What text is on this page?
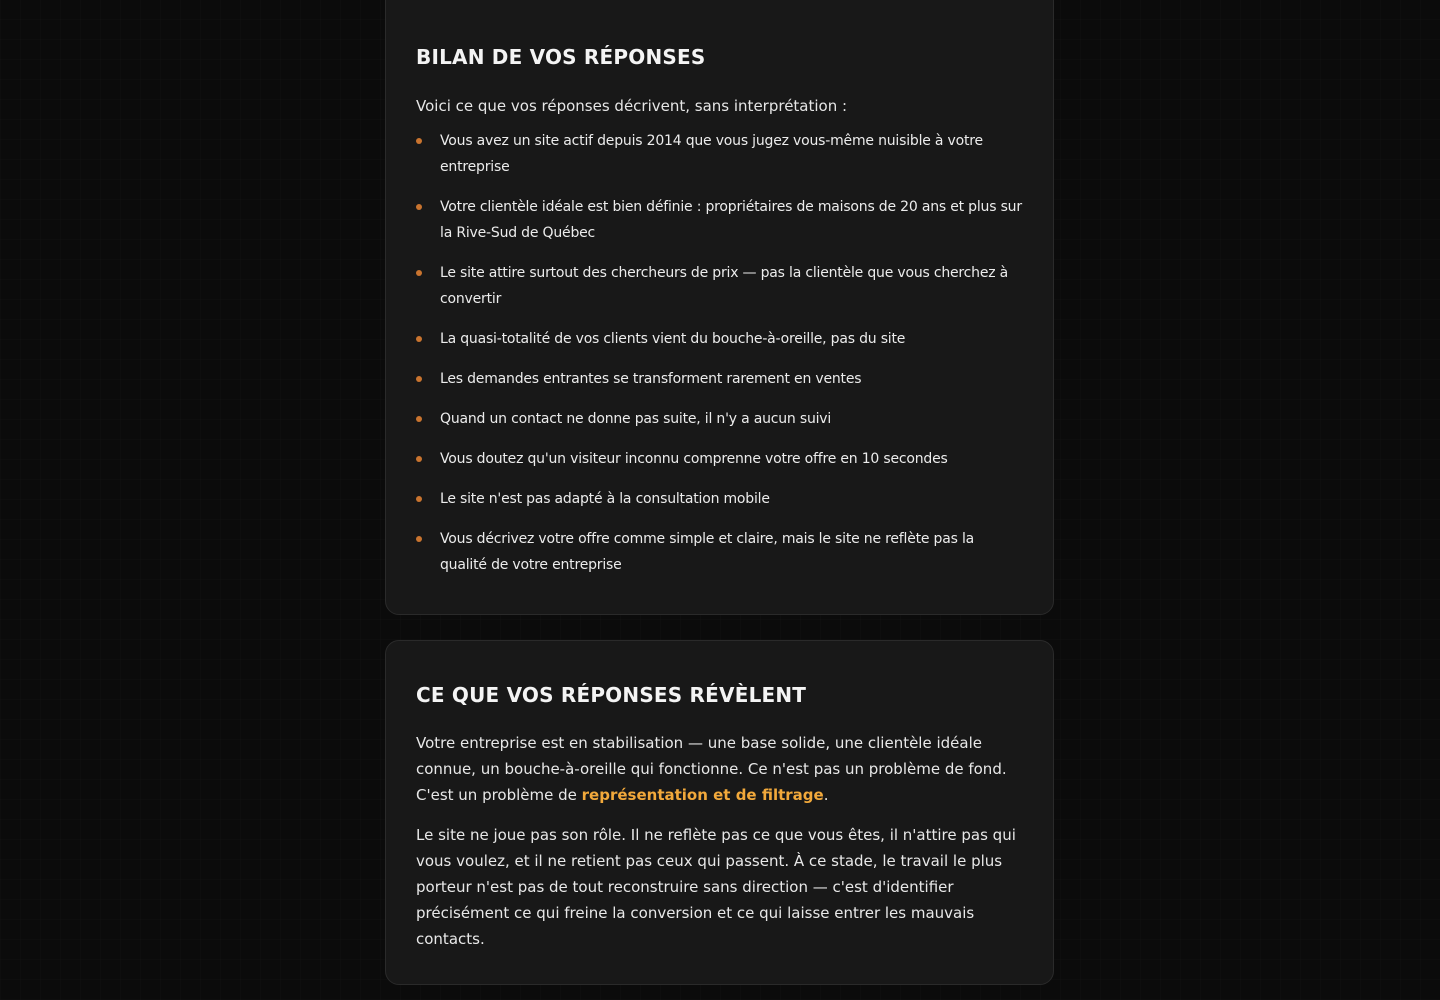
BILAN DE VOS RÉPONSES

Voici ce que vos réponses décrivent, sans interprétation :

Vous avez un site actif depuis 2014 que vous jugez vous-même nuisible à votre entreprise
Votre clientèle idéale est bien définie : propriétaires de maisons de 20 ans et plus sur la Rive-Sud de Québec
Le site attire surtout des chercheurs de prix — pas la clientèle que vous cherchez à convertir
La quasi-totalité de vos clients vient du bouche-à-oreille, pas du site
Les demandes entrantes se transforment rarement en ventes
Quand un contact ne donne pas suite, il n'y a aucun suivi
Vous doutez qu'un visiteur inconnu comprenne votre offre en 10 secondes
Le site n'est pas adapté à la consultation mobile
Vous décrivez votre offre comme simple et claire, mais le site ne reflète pas la qualité de votre entreprise
CE QUE VOS RÉPONSES RÉVÈLENT

Votre entreprise est en stabilisation — une base solide, une clientèle idéale connue, un bouche-à-oreille qui fonctionne. Ce n'est pas un problème de fond. C'est un problème de représentation et de filtrage.

Le site ne joue pas son rôle. Il ne reflète pas ce que vous êtes, il n'attire pas qui vous voulez, et il ne retient pas ceux qui passent. À ce stade, le travail le plus porteur n'est pas de tout reconstruire sans direction — c'est d'identifier précisément ce qui freine la conversion et ce qui laisse entrer les mauvais contacts.
